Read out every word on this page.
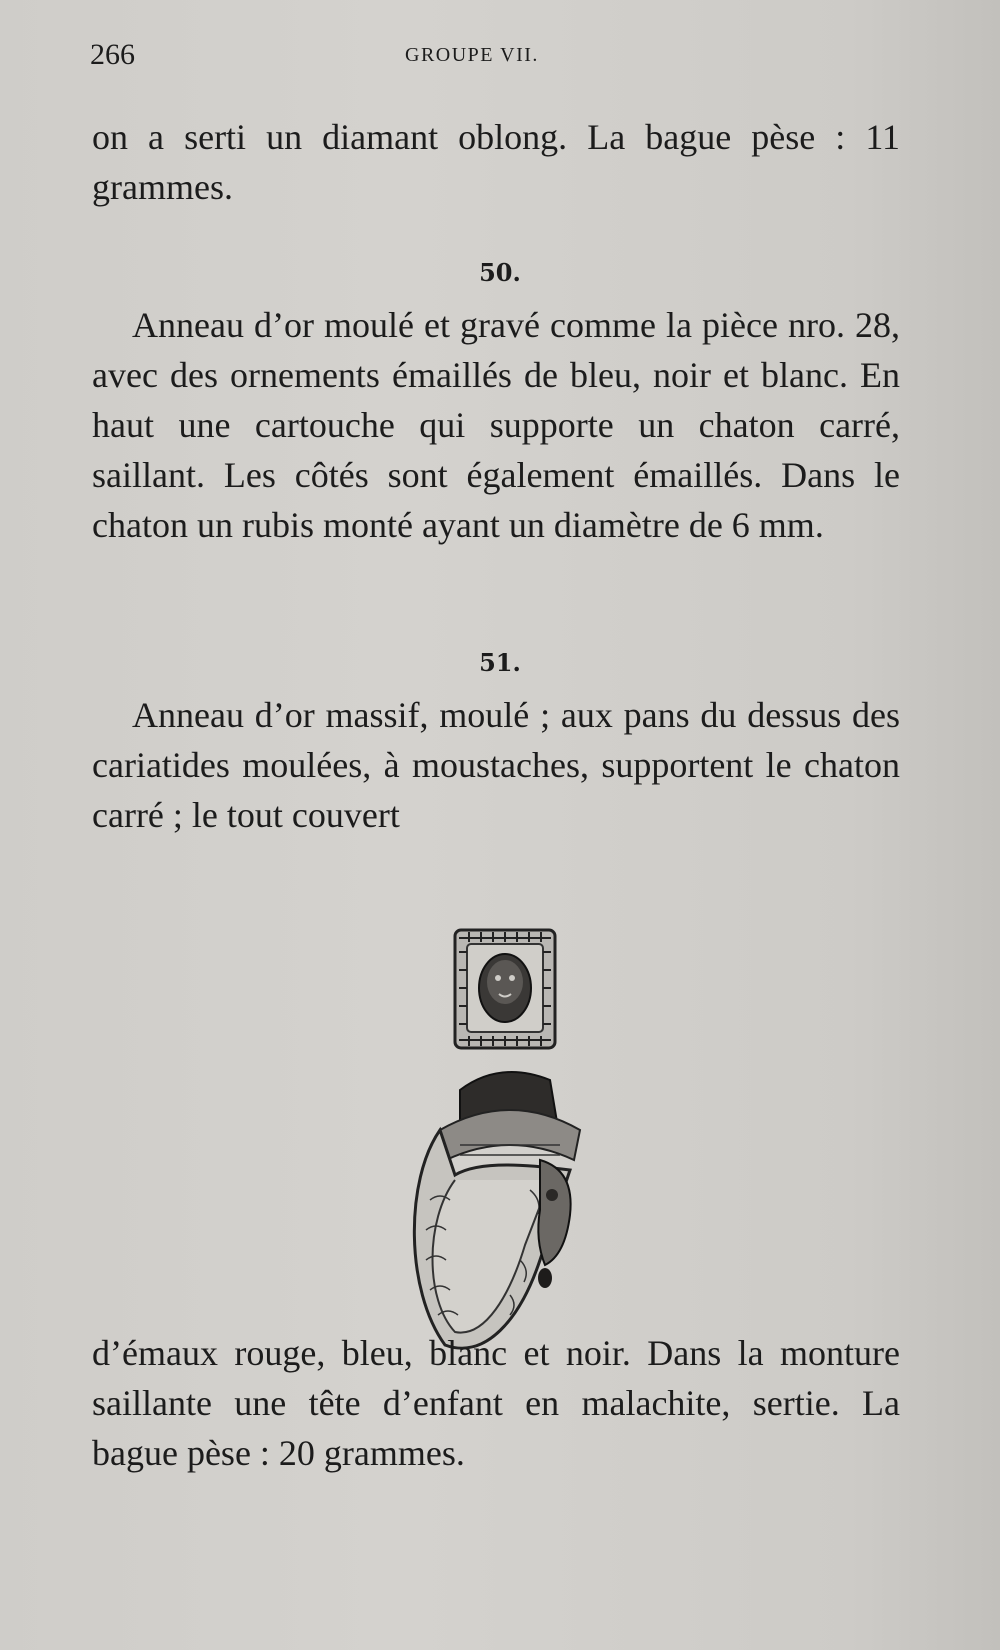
266	GROUPE VII.

on a serti un diamant oblong. La bague pèse : 11 grammes.

50.

Anneau d’or moulé et gravé comme la pièce nro. 28, avec des ornements émaillés de bleu, noir et blanc. En haut une cartouche qui supporte un chaton carré, saillant. Les côtés sont également émaillés. Dans le chaton un rubis monté ayant un diamètre de 6 mm.

51.

Anneau d’or massif, moulé ; aux pans du dessus des cariatides moulées, à moustaches, supportent le chaton carré ; le tout couvert

d’émaux rouge, bleu, blanc et noir. Dans la monture saillante une tête d’enfant en malachite, sertie. La bague pèse : 20 grammes.
